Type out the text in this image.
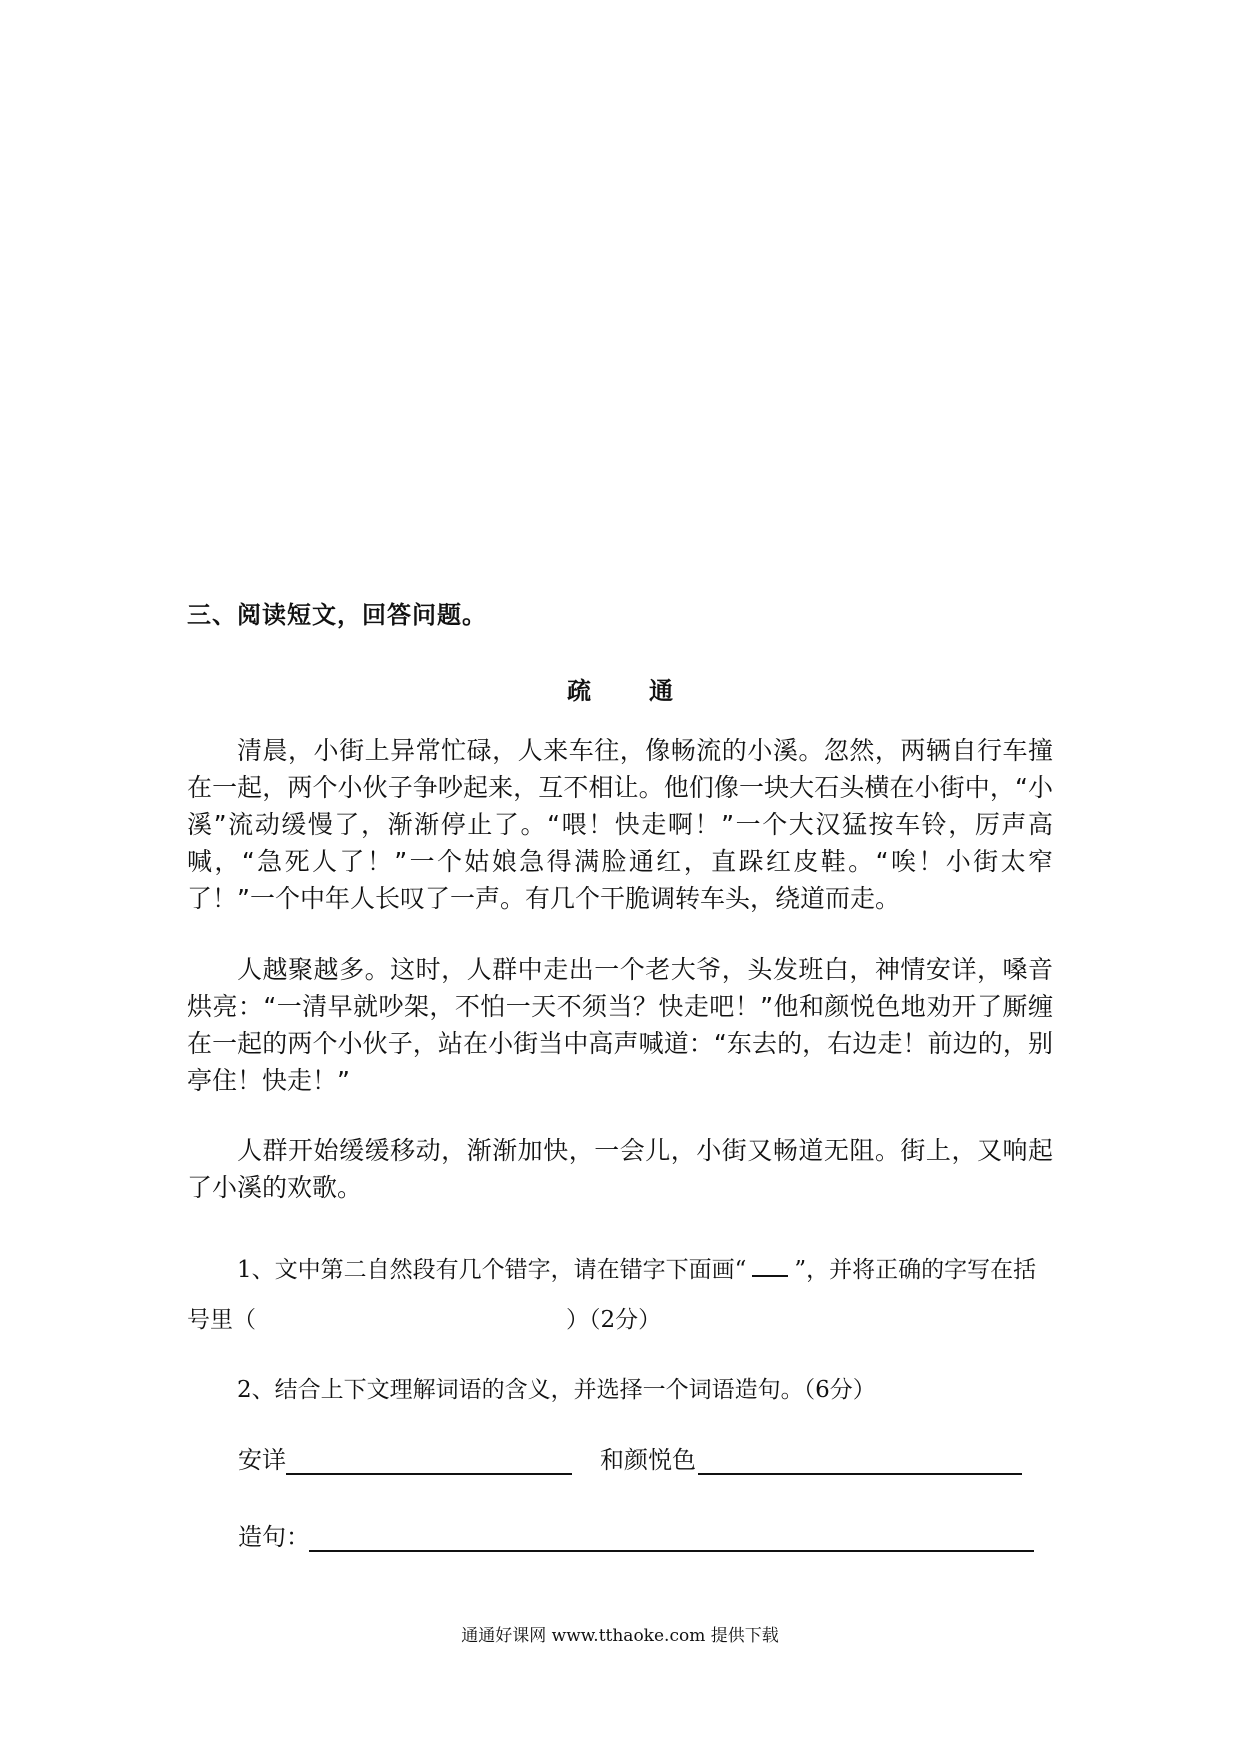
三、阅读短文，回答问题。
疏 通

清晨，小街上异常忙碌，人来车往，像畅流的小溪。忽然，两辆自行车撞在一起，两个小伙子争吵起来，互不相让。他们像一块大石头横在小街中，“小溪”流动缓慢了，渐渐停止了。“喂！快走啊！”一个大汉猛按车铃，厉声高喊，“急死人了！”一个姑娘急得满脸通红，直跺红皮鞋。“唉！小街太窄了！”一个中年人长叹了一声。有几个干脆调转车头，绕道而走。

人越聚越多。这时，人群中走出一个老大爷，头发班白，神情安详，嗓音烘亮：“一清早就吵架，不怕一天不须当？快走吧！”他和颜悦色地劝开了厮缠在一起的两个小伙子，站在小街当中高声喊道：“东去的，右边走！前边的，别亭住！快走！”

人群开始缓缓移动，渐渐加快，一会儿，小街又畅道无阻。街上，又响起了小溪的欢歌。

1、文中第二自然段有几个错字，请在错字下面画“ ”，并将正确的字写在括号里（	）（2分）

2、结合上下文理解词语的含义，并选择一个词语造句。（6分）

安详	和颜悦色
造句：
通通好课网 www.tthaoke.com 提供下载
